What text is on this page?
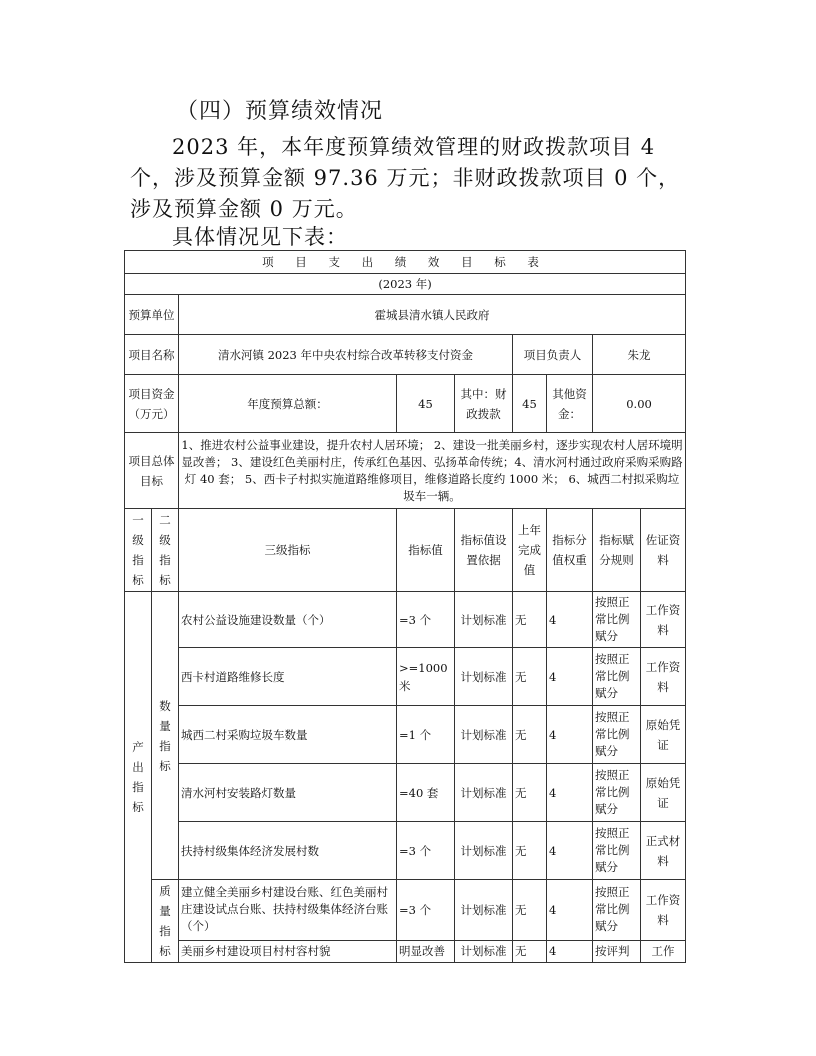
（四）预算绩效情况
2023 年，本年度预算绩效管理的财政拨款项目 4 个，涉及预算金额 97.36 万元；非财政拨款项目 0 个，涉及预算金额 0 万元。
具体情况见下表：
项 目 支 出 绩 效 目 标 表								
(2023 年)								
预算单位		霍城县清水镇人民政府						
项目名称		清水河镇 2023 年中央农村综合改革转移支付资金			项目负责人		朱龙	
项目资金（万元）		年度预算总额：	45	其中：财政拨款	45	其他资金：	0.00	
项目总体目标		1、推进农村公益事业建设，提升农村人居环境； 2、建设一批美丽乡村，逐步实现农村人居环境明显改善； 3、建设红色美丽村庄，传承红色基因、弘扬革命传统；4、清水河村通过政府采购采购路灯 40 套； 5、西卡子村拟实施道路维修项目，维修道路长度约 1000 米； 6、城西二村拟采购垃圾车一辆。						
一级指标	二级指标	三级指标	指标值	指标值设置依据	上年完成值	指标分值权重	指标赋分规则	佐证资料
产出指标	数量指标	农村公益设施建设数量（个）	=3 个	计划标准	无	4	按照正常比例赋分	工作资料
		西卡村道路维修长度	>=1000 米	计划标准	无	4	按照正常比例赋分	工作资料
		城西二村采购垃圾车数量	=1 个	计划标准	无	4	按照正常比例赋分	原始凭证
		清水河村安装路灯数量	=40 套	计划标准	无	4	按照正常比例赋分	原始凭证
		扶持村级集体经济发展村数	=3 个	计划标准	无	4	按照正常比例赋分	正式材料
	质量指标	建立健全美丽乡村建设台账、红色美丽村庄建设试点台账、扶持村级集体经济台账（个）	=3 个	计划标准	无	4	按照正常比例赋分	工作资料
		美丽乡村建设项目村村容村貌	明显改善	计划标准	无	4	按评判	工作
